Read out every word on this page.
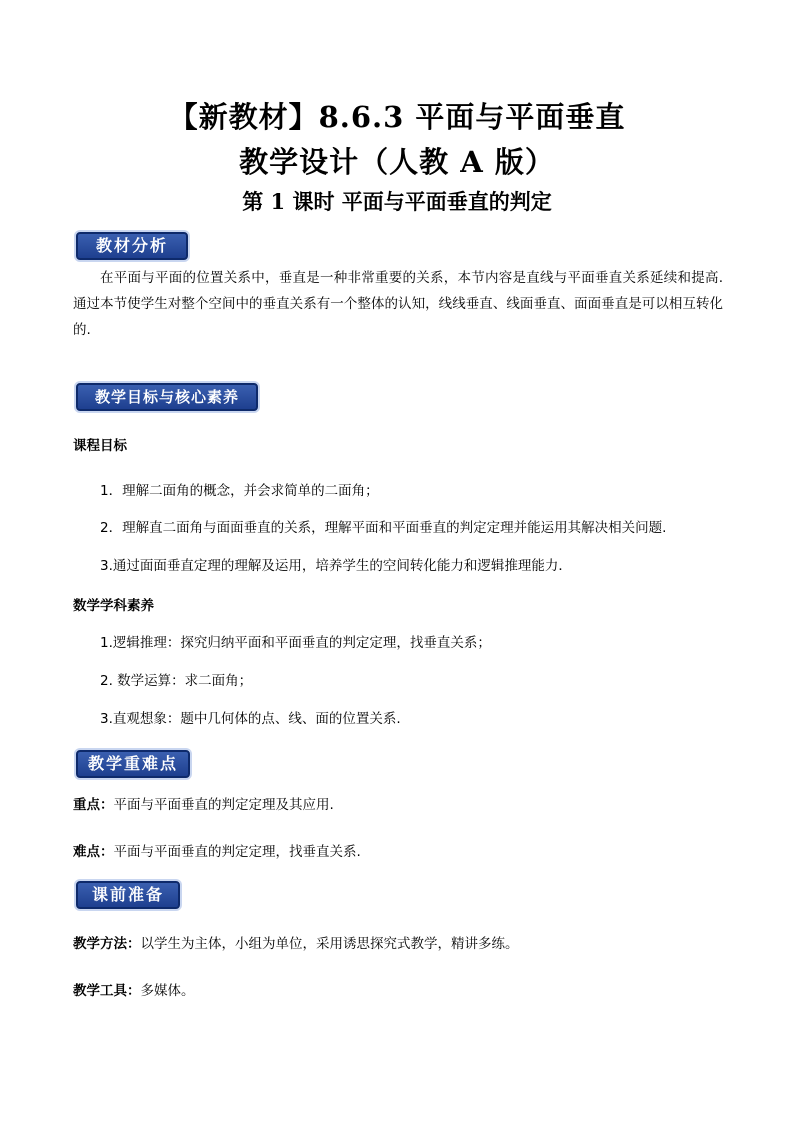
【新教材】8.6.3 平面与平面垂直
教学设计（人教 A 版）
第 1 课时 平面与平面垂直的判定
教材分析
在平面与平面的位置关系中，垂直是一种非常重要的关系，本节内容是直线与平面垂直关系延续和提高.通过本节使学生对整个空间中的垂直关系有一个整体的认知，线线垂直、线面垂直、面面垂直是可以相互转化的.
教学目标与核心素养
课程目标
1．理解二面角的概念，并会求简单的二面角；
2．理解直二面角与面面垂直的关系，理解平面和平面垂直的判定定理并能运用其解决相关问题.
3.通过面面垂直定理的理解及运用，培养学生的空间转化能力和逻辑推理能力．
数学学科素养
1.逻辑推理：探究归纳平面和平面垂直的判定定理，找垂直关系；
2. 数学运算：求二面角；
3.直观想象：题中几何体的点、线、面的位置关系.
教学重难点
重点：平面与平面垂直的判定定理及其应用.
难点：平面与平面垂直的判定定理，找垂直关系.
课前准备
教学方法：以学生为主体，小组为单位，采用诱思探究式教学，精讲多练。
教学工具：多媒体。
